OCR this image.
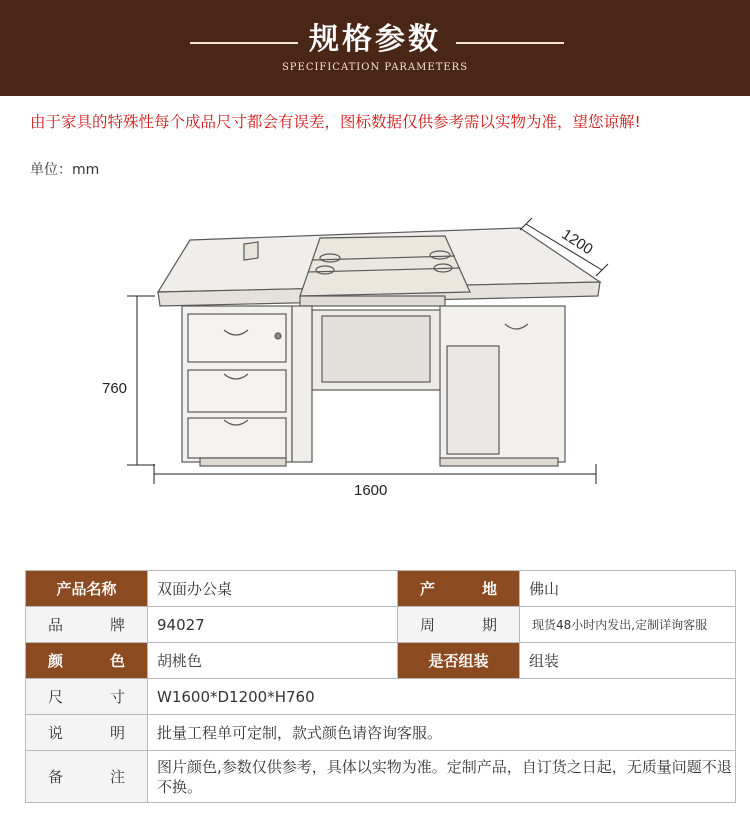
规格参数
SPECIFICATION PARAMETERS
由于家具的特殊性每个成品尺寸都会有误差，图标数据仅供参考需以实物为准，望您谅解!
单位：mm
760
1600
1200
产品名称	双面办公桌	产 地	佛山

品 牌	94027	周 期	现货48小时内发出,定制详询客服

颜 色	胡桃色	是否组装	组装

尺 寸	W1600*D1200*H760		

说 明	批量工程单可定制，款式颜色请咨询客服。		

备 注	图片颜色,参数仅供参考，具体以实物为准。定制产品，自订货之日起，无质量问题不退不换。		
